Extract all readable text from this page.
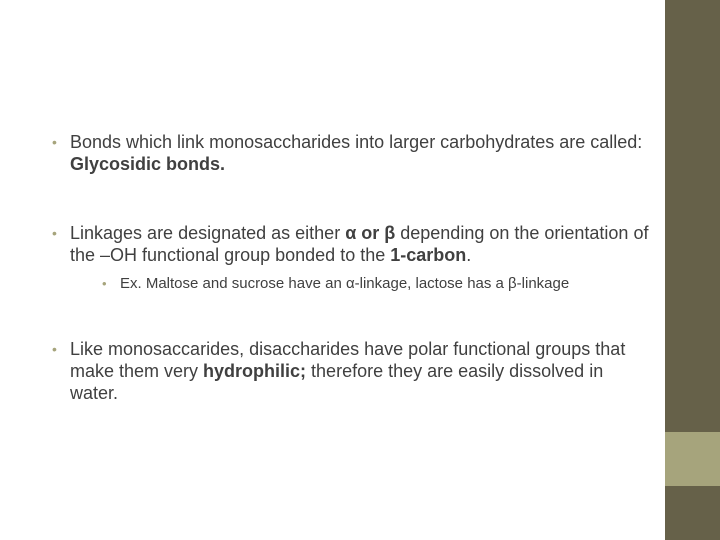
• Bonds which link monosaccharides into larger carbohydrates are called: Glycosidic bonds.
• Linkages are designated as either α or β depending on the orientation of the –OH functional group bonded to the 1-carbon.
• Ex. Maltose and sucrose have an α-linkage, lactose has a β-linkage
• Like monosaccarides, disaccharides have polar functional groups that make them very hydrophilic; therefore they are easily dissolved in water.
